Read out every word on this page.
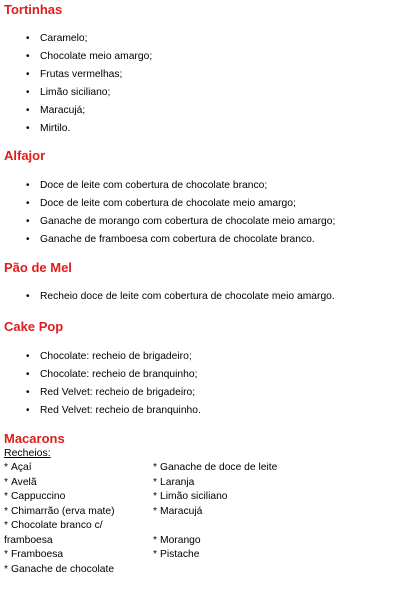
Tortinhas
• Caramelo;
• Chocolate meio amargo;
• Frutas vermelhas;
• Limão siciliano;
• Maracujá;
• Mirtilo.
Alfajor
• Doce de leite com cobertura de chocolate branco;
• Doce de leite com cobertura de chocolate meio amargo;
• Ganache de morango com cobertura de chocolate meio amargo;
• Ganache de framboesa com cobertura de chocolate branco.
Pão de Mel
• Recheio doce de leite com cobertura de chocolate meio amargo.
Cake Pop
• Chocolate: recheio de brigadeiro;
• Chocolate: recheio de branquinho;
• Red Velvet: recheio de brigadeiro;
• Red Velvet: recheio de branquinho.
Macarons
Recheios:
* Açaí
* Avelã
* Cappuccino
* Chimarrão (erva mate)
* Chocolate branco c/
framboesa
* Framboesa
* Ganache de chocolate
* Ganache de doce de leite
* Laranja
* Limão siciliano
* Maracujá

* Morango
* Pistache
